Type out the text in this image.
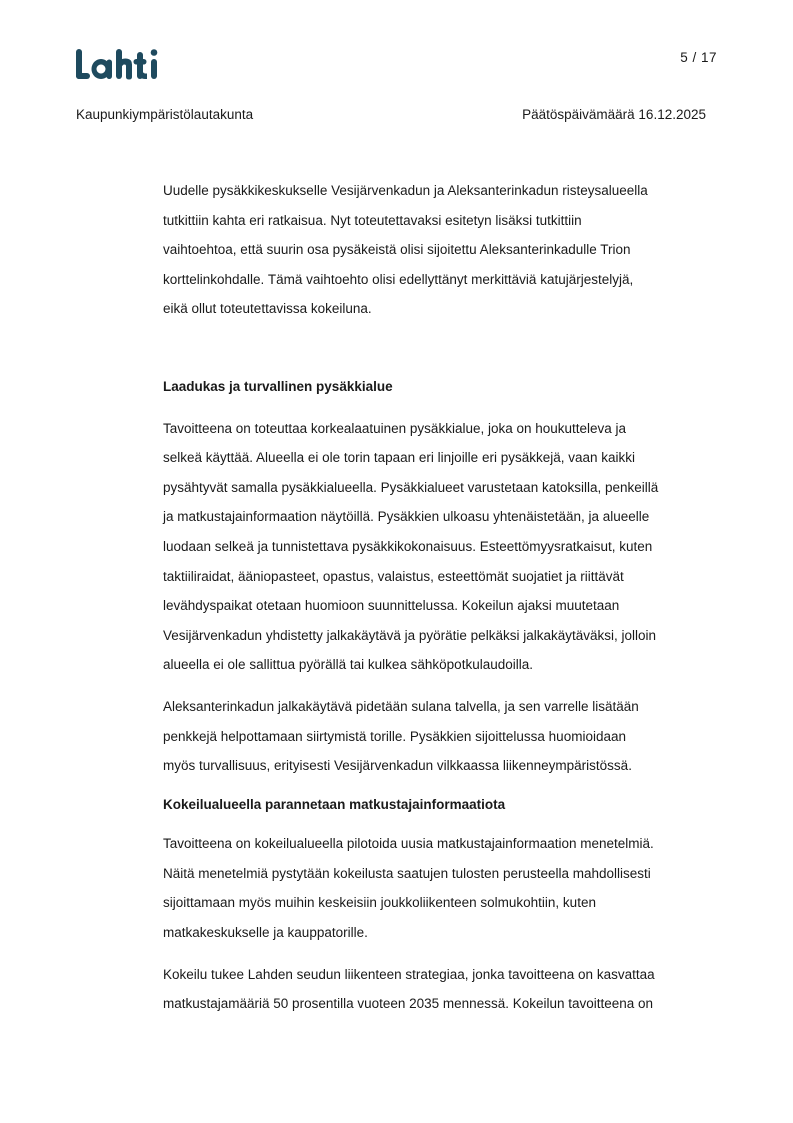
5 / 17
Kaupunkiympäristölautakunta	Päätöspäivämäärä 16.12.2025

Uudelle pysäkkikeskukselle Vesijärvenkadun ja Aleksanterinkadun risteysalueella
tutkittiin kahta eri ratkaisua. Nyt toteutettavaksi esitetyn lisäksi tutkittiin
vaihtoehtoa, että suurin osa pysäkeistä olisi sijoitettu Aleksanterinkadulle Trion
korttelinkohdalle. Tämä vaihtoehto olisi edellyttänyt merkittäviä katujärjestelyjä,
eikä ollut toteutettavissa kokeiluna.

Laadukas ja turvallinen pysäkkialue

Tavoitteena on toteuttaa korkealaatuinen pysäkkialue, joka on houkutteleva ja
selkeä käyttää. Alueella ei ole torin tapaan eri linjoille eri pysäkkejä, vaan kaikki
pysähtyvät samalla pysäkkialueella. Pysäkkialueet varustetaan katoksilla, penkeillä
ja matkustajainformaation näytöillä. Pysäkkien ulkoasu yhtenäistetään, ja alueelle
luodaan selkeä ja tunnistettava pysäkkikokonaisuus. Esteettömyysratkaisut, kuten
taktiiliraidat, ääniopasteet, opastus, valaistus, esteettömät suojatiet ja riittävät
levähdyspaikat otetaan huomioon suunnittelussa. Kokeilun ajaksi muutetaan
Vesijärvenkadun yhdistetty jalkakäytävä ja pyörätie pelkäksi jalkakäytäväksi, jolloin
alueella ei ole sallittua pyörällä tai kulkea sähköpotkulaudoilla.

Aleksanterinkadun jalkakäytävä pidetään sulana talvella, ja sen varrelle lisätään
penkkejä helpottamaan siirtymistä torille. Pysäkkien sijoittelussa huomioidaan
myös turvallisuus, erityisesti Vesijärvenkadun vilkkaassa liikenneympäristössä.

Kokeilualueella parannetaan matkustajainformaatiota

Tavoitteena on kokeilualueella pilotoida uusia matkustajainformaation menetelmiä.
Näitä menetelmiä pystytään kokeilusta saatujen tulosten perusteella mahdollisesti
sijoittamaan myös muihin keskeisiin joukkoliikenteen solmukohtiin, kuten
matkakeskukselle ja kauppatorille.

Kokeilu tukee Lahden seudun liikenteen strategiaa, jonka tavoitteena on kasvattaa
matkustajamääriä 50 prosentilla vuoteen 2035 mennessä. Kokeilun tavoitteena on
